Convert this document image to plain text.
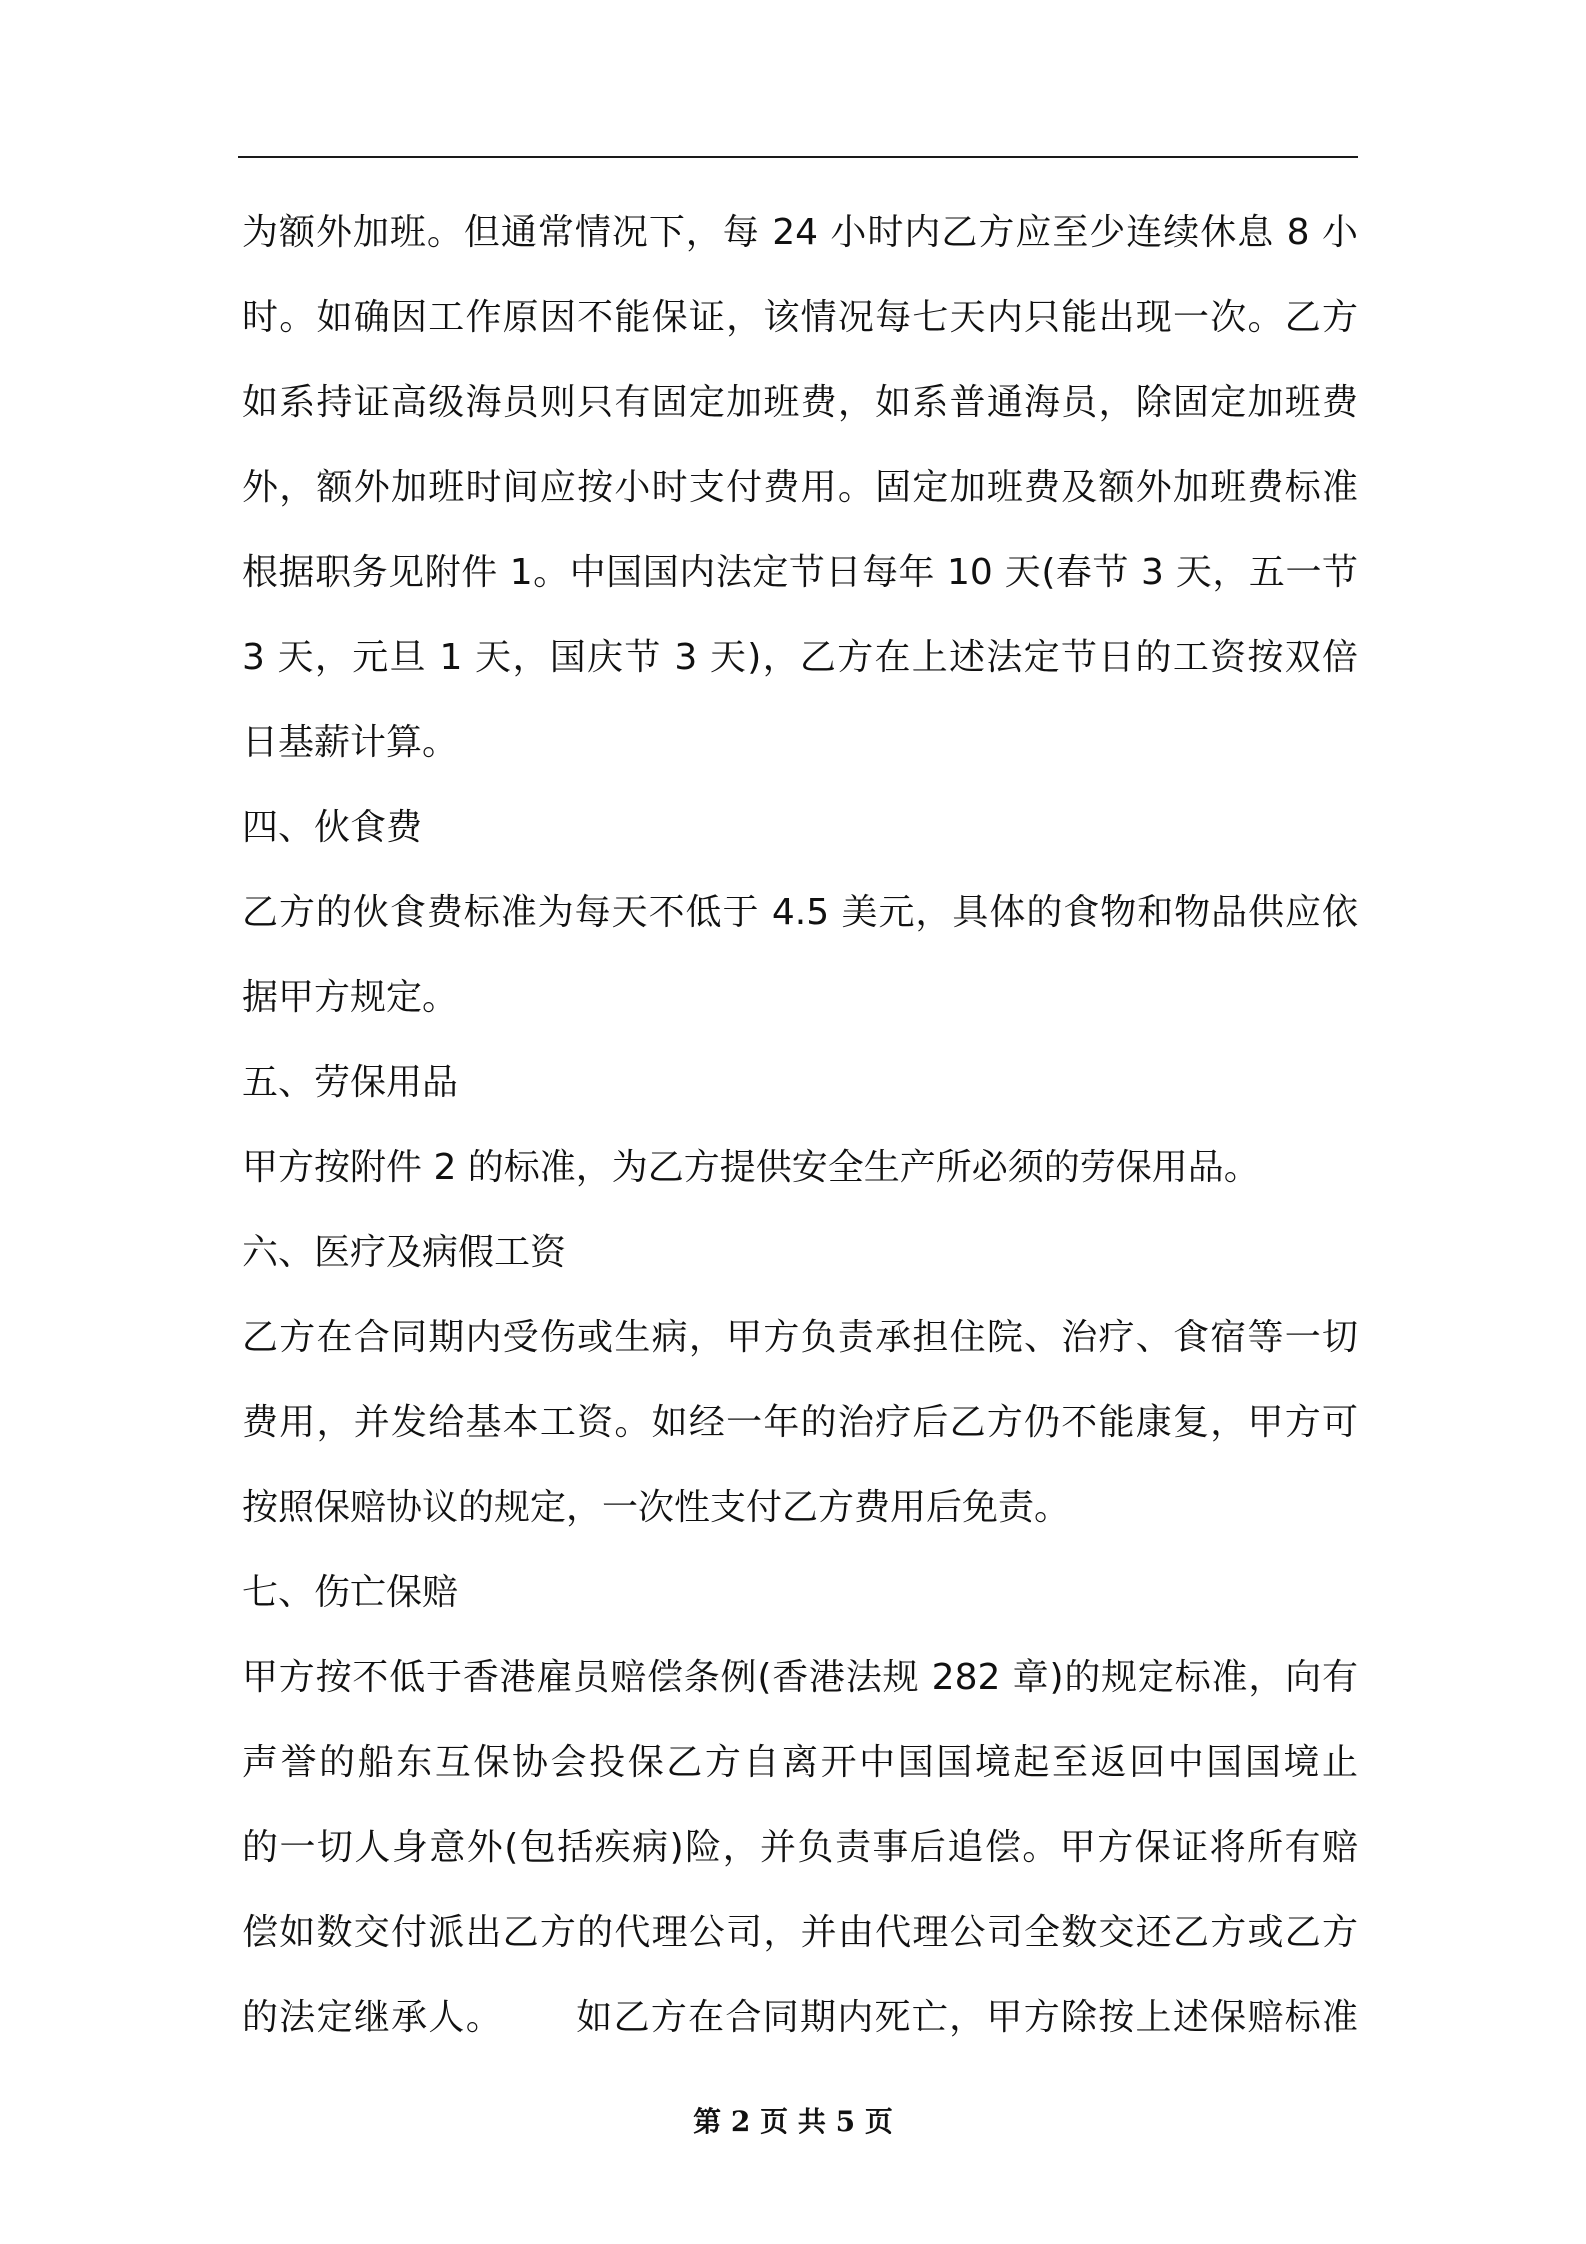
为额外加班。但通常情况下，每 24 小时内乙方应至少连续休息 8 小
时。如确因工作原因不能保证，该情况每七天内只能出现一次。乙方
如系持证高级海员则只有固定加班费，如系普通海员，除固定加班费
外，额外加班时间应按小时支付费用。固定加班费及额外加班费标准
根据职务见附件 1。中国国内法定节日每年 10 天(春节 3 天，五一节
3 天，元旦 1 天，国庆节 3 天)，乙方在上述法定节日的工资按双倍
日基薪计算。
四、伙食费
乙方的伙食费标准为每天不低于 4.5 美元，具体的食物和物品供应依
据甲方规定。
五、劳保用品
甲方按附件 2 的标准，为乙方提供安全生产所必须的劳保用品。
六、医疗及病假工资
乙方在合同期内受伤或生病，甲方负责承担住院、治疗、食宿等一切
费用，并发给基本工资。如经一年的治疗后乙方仍不能康复，甲方可
按照保赔协议的规定，一次性支付乙方费用后免责。
七、伤亡保赔
甲方按不低于香港雇员赔偿条例(香港法规 282 章)的规定标准，向有
声誉的船东互保协会投保乙方自离开中国国境起至返回中国国境止
的一切人身意外(包括疾病)险，并负责事后追偿。甲方保证将所有赔
偿如数交付派出乙方的代理公司，并由代理公司全数交还乙方或乙方
的法定继承人。 如乙方在合同期内死亡，甲方除按上述保赔标准
第 2 页 共 5 页
